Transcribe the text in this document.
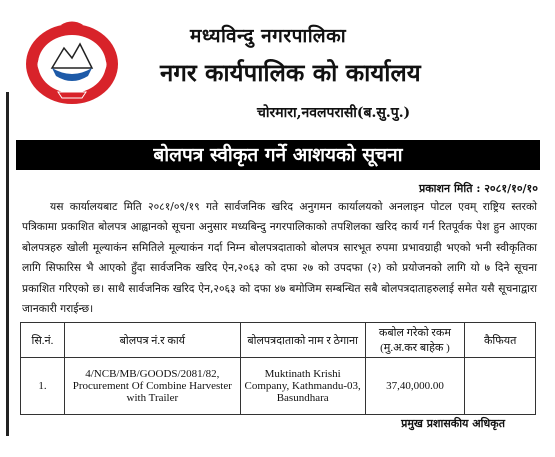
मध्यविन्दु नगरपालिका
नगर कार्यपालिक को कार्यालय
चोरमारा,नवलपरासी(ब.सु.पु.)
बोलपत्र स्वीकृत गर्ने आशयको सूचना
प्रकाशन मिति : २०८१/१०/१०
यस कार्यालयबाट मिति २०८१/०९/१९ गते सार्वजनिक खरिद अनुगमन कार्यालयको अनलाइन पोटल एवम् राष्ट्रिय स्तरको पत्रिकामा प्रकाशित बोलपत्र आह्वानको सूचना अनुसार मध्यबिन्दु नगरपालिकाको तपशिलका खरिद कार्य गर्न रितपूर्वक पेश हुन आएका बोलपत्रहरु खोली मूल्याकंन समितिले मूल्याकंन गर्दा निम्न बोलपत्रदाताको बोलपत्र सारभूत रुपमा प्रभावग्राही भएको भनी स्वीकृतिका लागि सिफारिस भै आएको हुँदा सार्वजनिक खरिद ऐन,२०६३ को दफा २७ को उपदफा (२) को प्रयोजनको लागि यो ७ दिने सूचना प्रकाशित गरिएको छ। साथै सार्वजनिक खरिद ऐन,२०६३ को दफा ४७ बमोजिम सम्बन्धित सबै बोलपत्रदाताहरुलाई समेत यसै सूचनाद्वारा जानकारी गराईन्छ।
सि.नं.	बोलपत्र नं.र कार्य	बोलपत्रदाताको नाम र ठेगाना	कबोल गरेको रकम (मु.अ.कर बाहेक )	कैफियत
1.	4/NCB/MB/GOODS/2081/82, Procurement Of Combine Harvester with Trailer	Muktinath Krishi Company, Kathmandu-03, Basundhara	37,40,000.00	
प्रमुख प्रशासकीय अधिकृत
